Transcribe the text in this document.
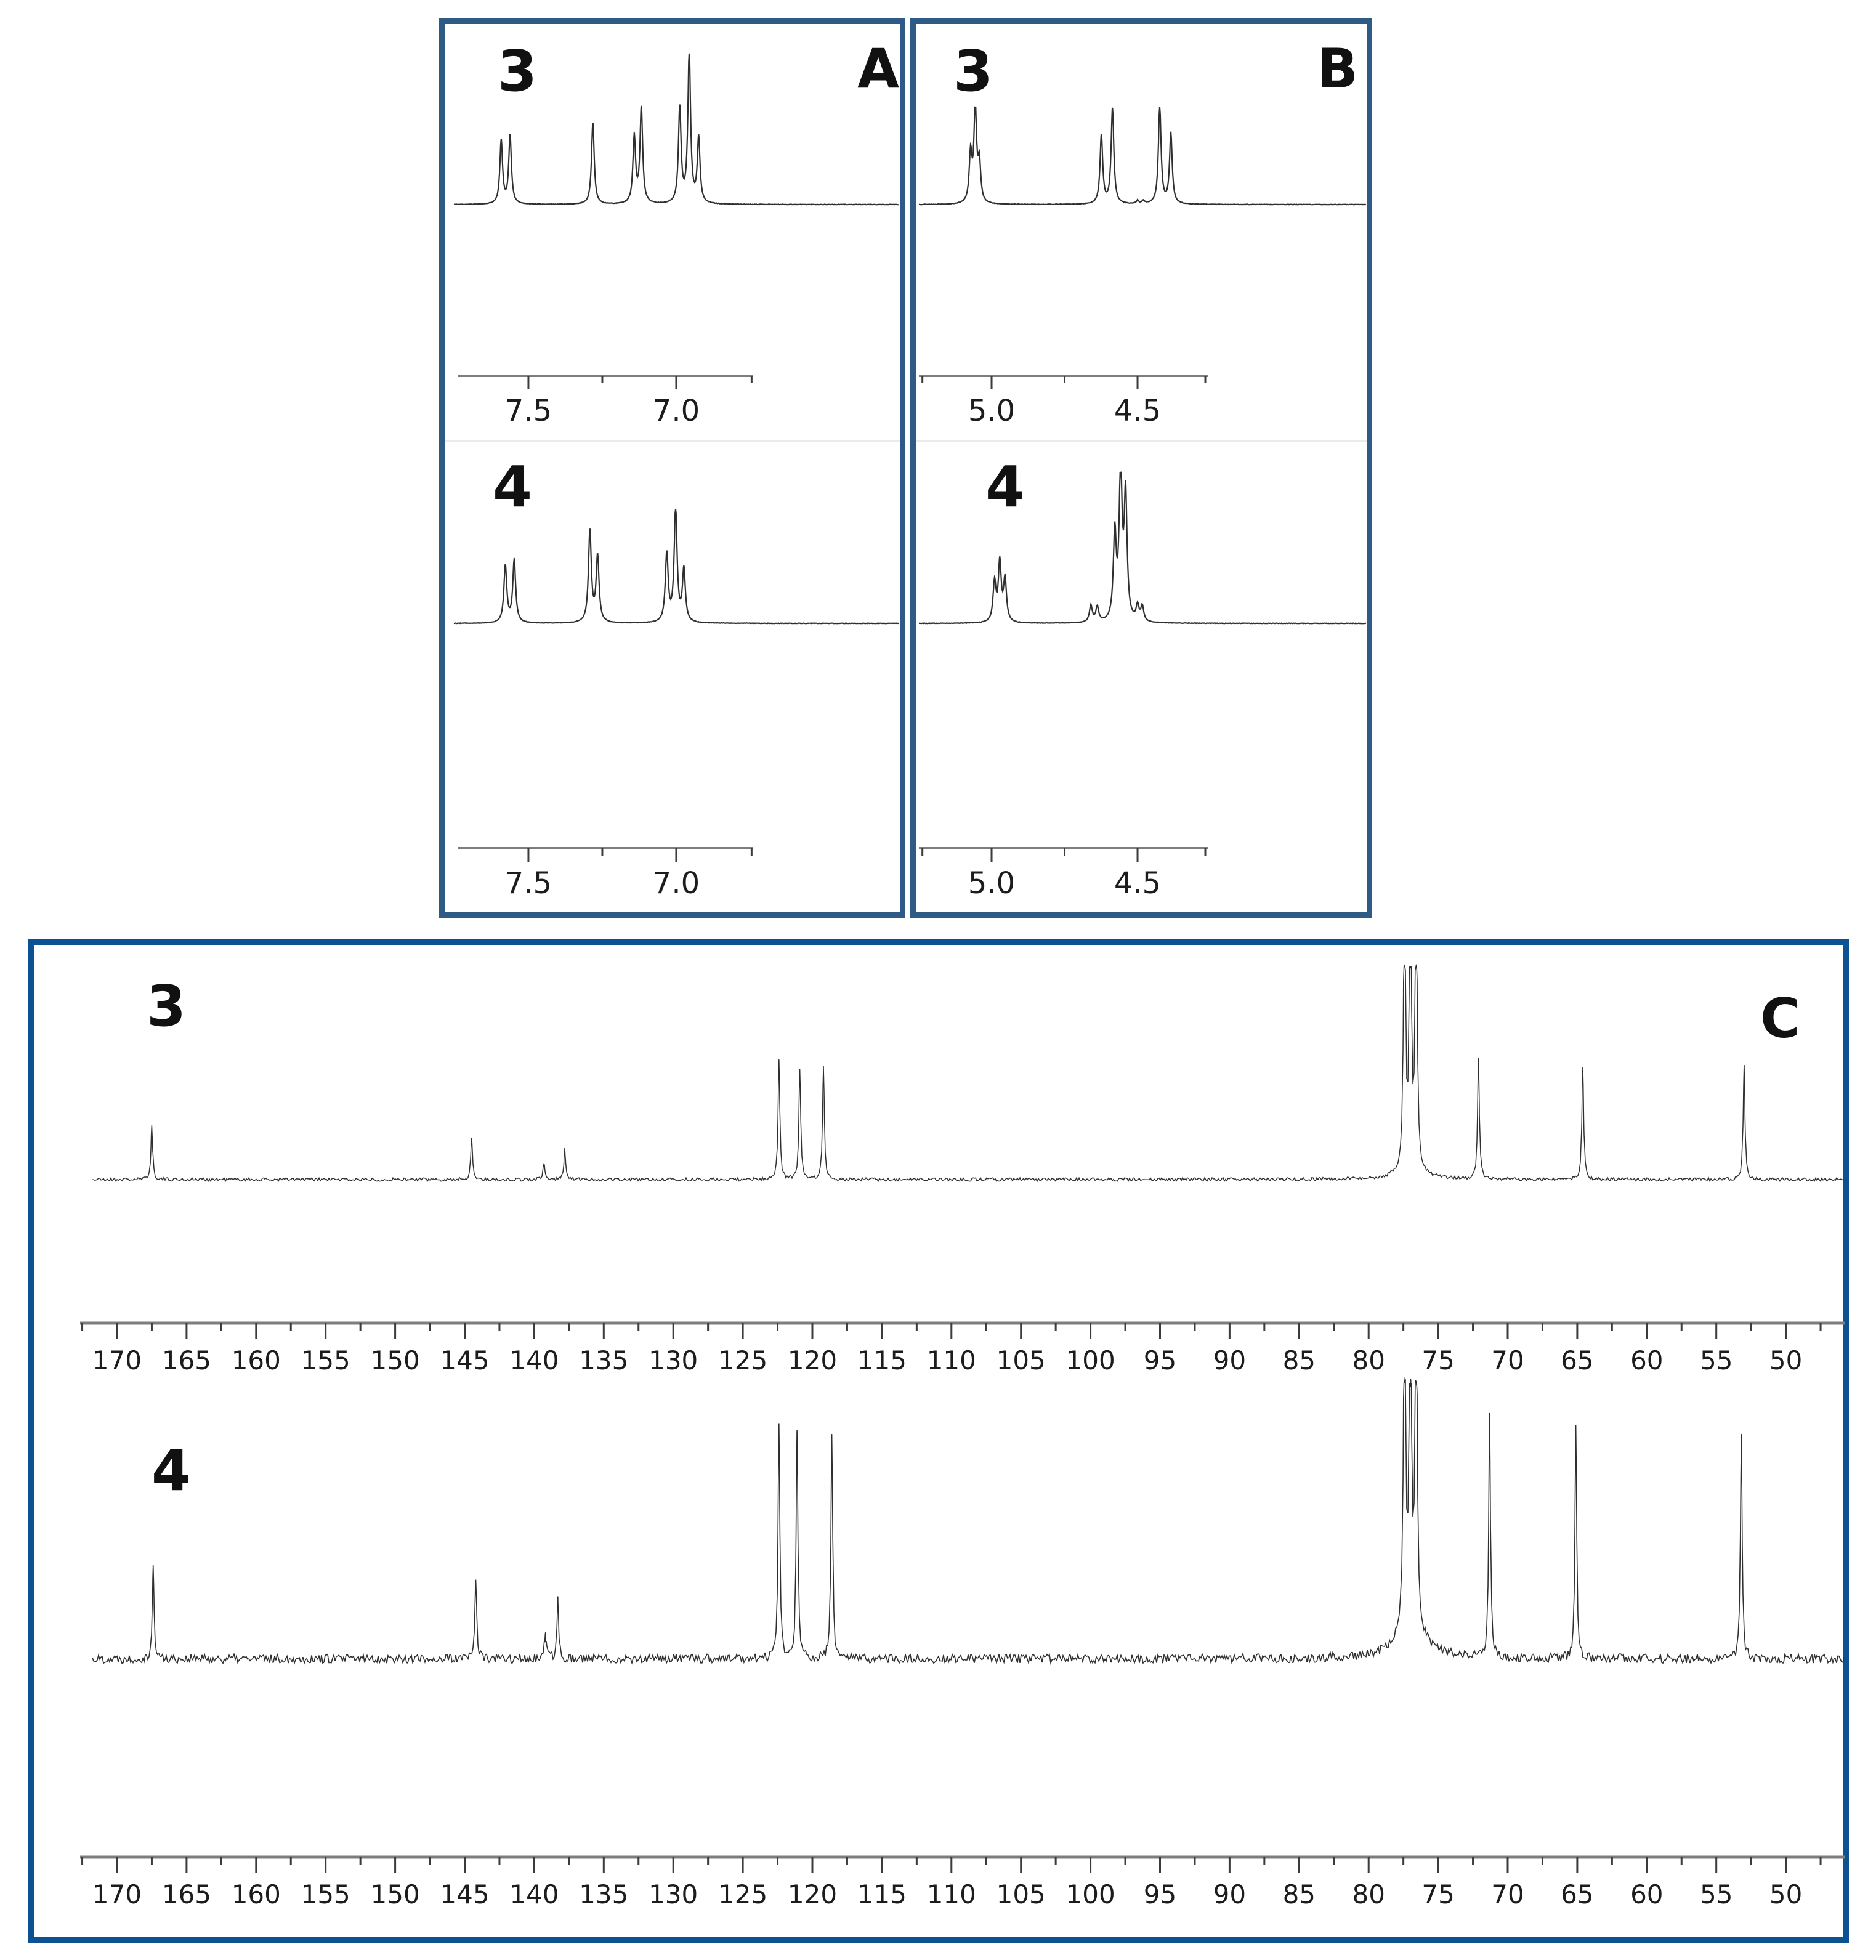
3	A
4
7.5	7.0
7.5	7.0
3	B
4
5.0	4.5
5.0	4.5
3	C
4
170 165 160 155 150 145 140 135 130 125 120 115 110 105 100 95 90 85 80 75 70 65 60 55 50
170 165 160 155 150 145 140 135 130 125 120 115 110 105 100 95 90 85 80 75 70 65 60 55 50
